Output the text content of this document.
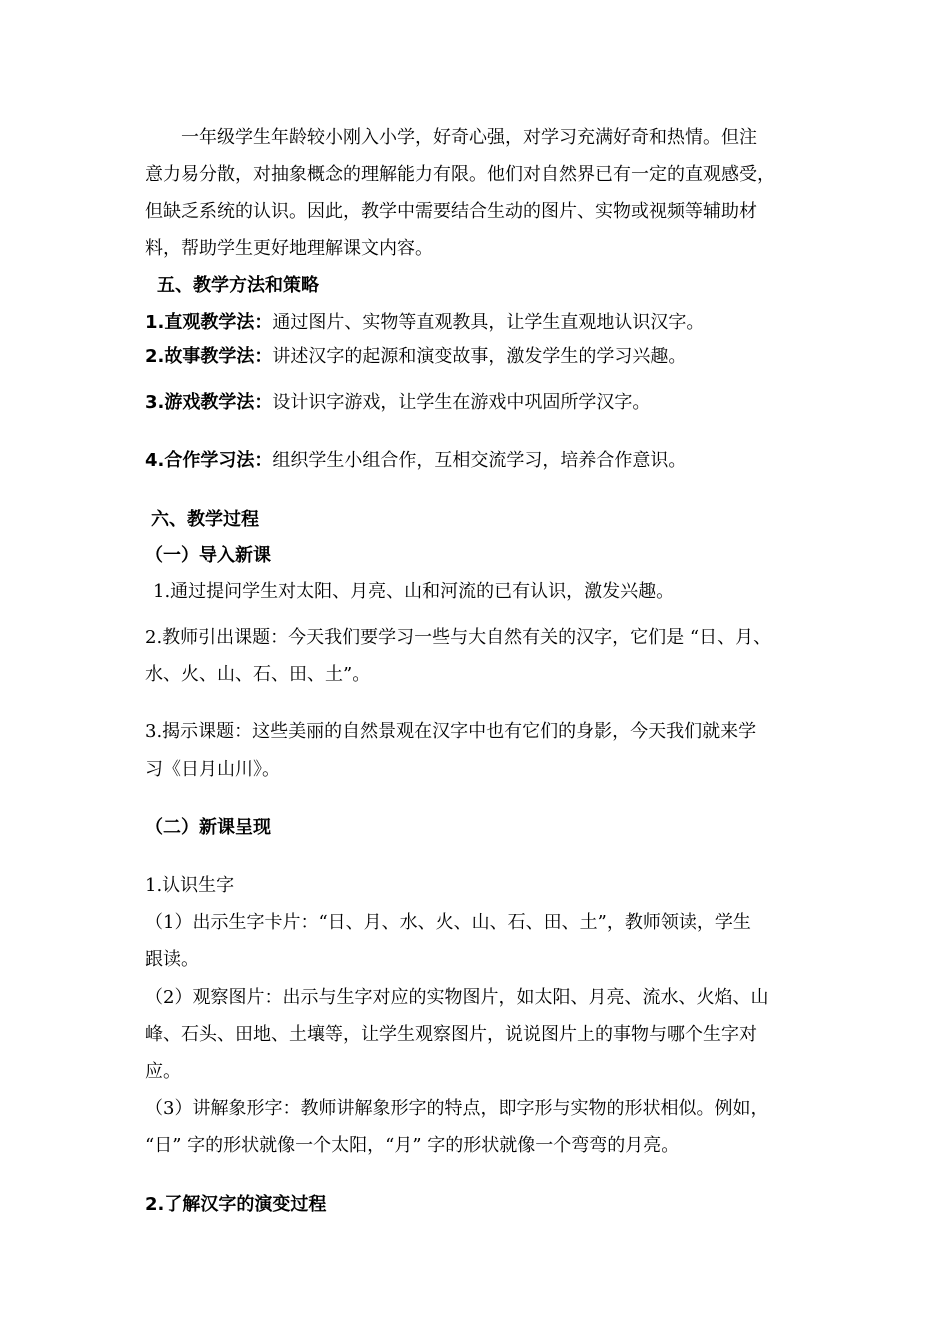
一年级学生年龄较小刚入小学，好奇心强，对学习充满好奇和热情。但注
意力易分散，对抽象概念的理解能力有限。他们对自然界已有一定的直观感受，
但缺乏系统的认识。因此，教学中需要结合生动的图片、实物或视频等辅助材
料，帮助学生更好地理解课文内容。
五、教学方法和策略
1.直观教学法：通过图片、实物等直观教具，让学生直观地认识汉字。
2.故事教学法：讲述汉字的起源和演变故事，激发学生的学习兴趣。
3.游戏教学法：设计识字游戏，让学生在游戏中巩固所学汉字。
4.合作学习法：组织学生小组合作，互相交流学习，培养合作意识。
六、教学过程
（一）导入新课
1.通过提问学生对太阳、月亮、山和河流的已有认识，激发兴趣。
2.教师引出课题：今天我们要学习一些与大自然有关的汉字，它们是 “日、月、
水、火、山、石、田、土”。
3.揭示课题：这些美丽的自然景观在汉字中也有它们的身影，今天我们就来学
习《日月山川》。
（二）新课呈现
1.认识生字
（1）出示生字卡片：“日、月、水、火、山、石、田、土”，教师领读，学生
跟读。
（2）观察图片：出示与生字对应的实物图片，如太阳、月亮、流水、火焰、山
峰、石头、田地、土壤等，让学生观察图片，说说图片上的事物与哪个生字对
应。
（3）讲解象形字：教师讲解象形字的特点，即字形与实物的形状相似。例如，
“日” 字的形状就像一个太阳，“月” 字的形状就像一个弯弯的月亮。
2.了解汉字的演变过程
